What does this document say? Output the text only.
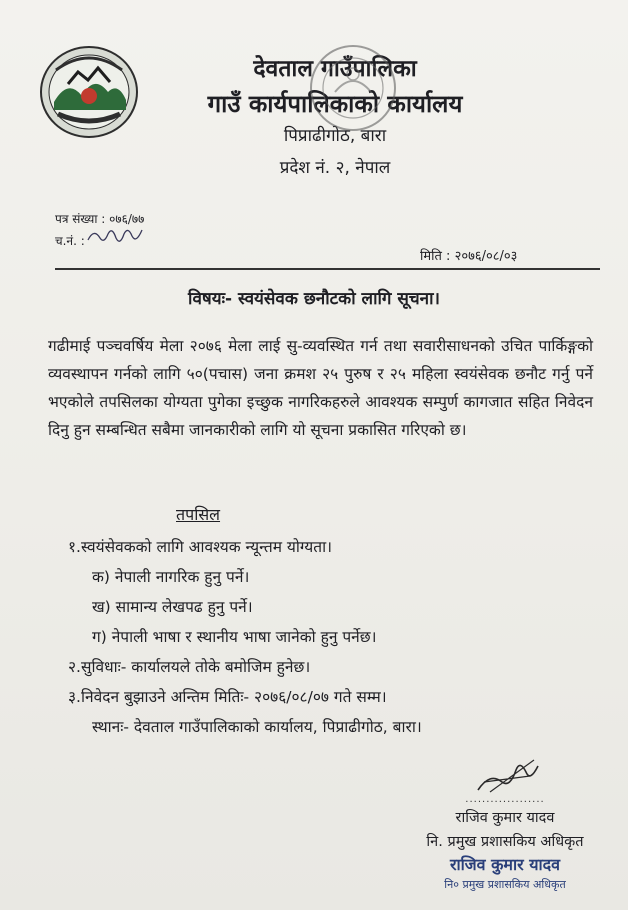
देवताल गाउँपालिका
गाउँ कार्यपालिकाको कार्यालय
पिप्राढीगोठ, बारा
प्रदेश नं. २, नेपाल
पत्र संख्या : ०७६/७७
च.नं. :
मिति : २०७६/०८/०३
विषयः- स्वयंसेवक छनौटको लागि सूचना।
गढीमाई पञ्चवर्षिय मेला २०७६ मेला लाई सु-व्यवस्थित गर्न तथा सवारीसाधनको उचित पार्किङ्गको व्यवस्थापन गर्नको लागि ५०(पचास) जना क्रमश २५ पुरुष र २५ महिला स्वयंसेवक छनौट गर्नु पर्ने भएकोले तपसिलका योग्यता पुगेका इच्छुक नागरिकहरुले आवश्यक सम्पुर्ण कागजात सहित निवेदन दिनु हुन सम्बन्धित सबैमा जानकारीको लागि यो सूचना प्रकासित गरिएको छ।
तपसिल
१.स्वयंसेवकको लागि आवश्यक न्यून्तम योग्यता।
क) नेपाली नागरिक हुनु पर्ने।
ख) सामान्य लेखपढ हुनु पर्ने।
ग) नेपाली भाषा र स्थानीय भाषा जानेको हुनु पर्नेछ।
२.सुविधाः- कार्यालयले तोके बमोजिम हुनेछ।
३.निवेदन बुझाउने अन्तिम मितिः- २०७६/०८/०७ गते सम्म।
स्थानः- देवताल गाउँपालिकाको कार्यालय, पिप्राढीगोठ, बारा।
...................
राजिव कुमार यादव
नि. प्रमुख प्रशासकिय अधिकृत
राजिव कुमार यादव
नि० प्रमुख प्रशासकिय अधिकृत
